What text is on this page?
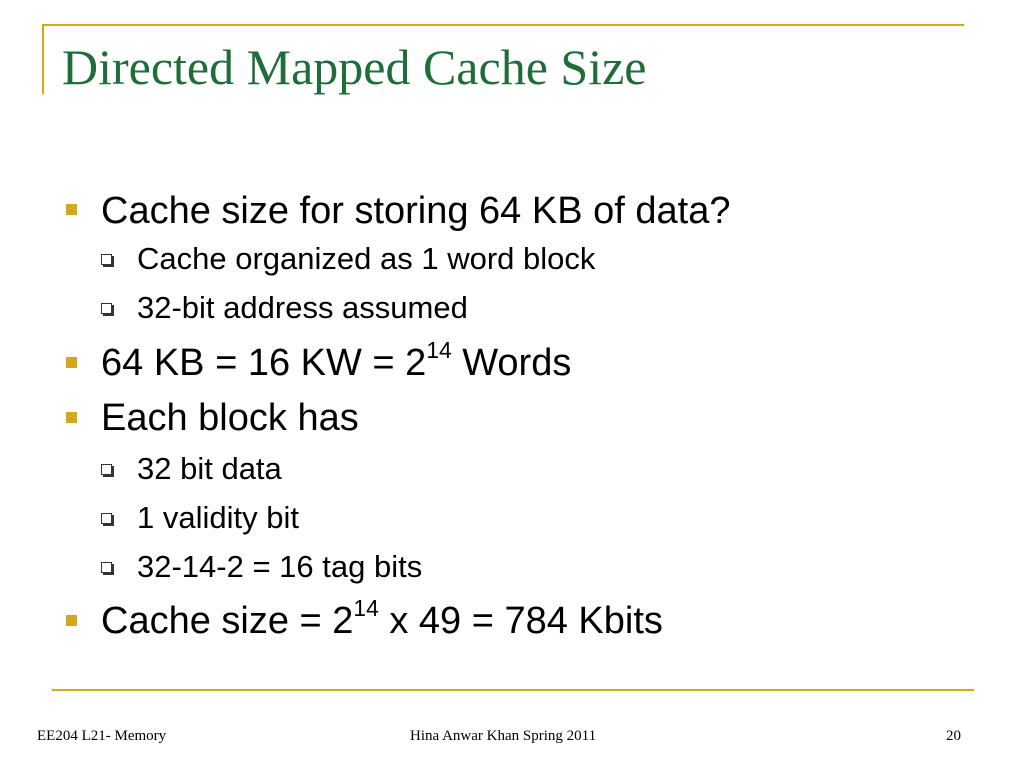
Directed Mapped Cache Size
Cache size for storing 64 KB of data?
Cache organized as 1 word block
32-bit address assumed
64 KB = 16 KW = $2^{14}$ Words
Each block has
32 bit data
1 validity bit
32-14-2 = 16 tag bits
Cache size = $2^{14}$ x 49 = 784 Kbits
EE204 L21- Memory	Hina Anwar Khan Spring 2011	20
